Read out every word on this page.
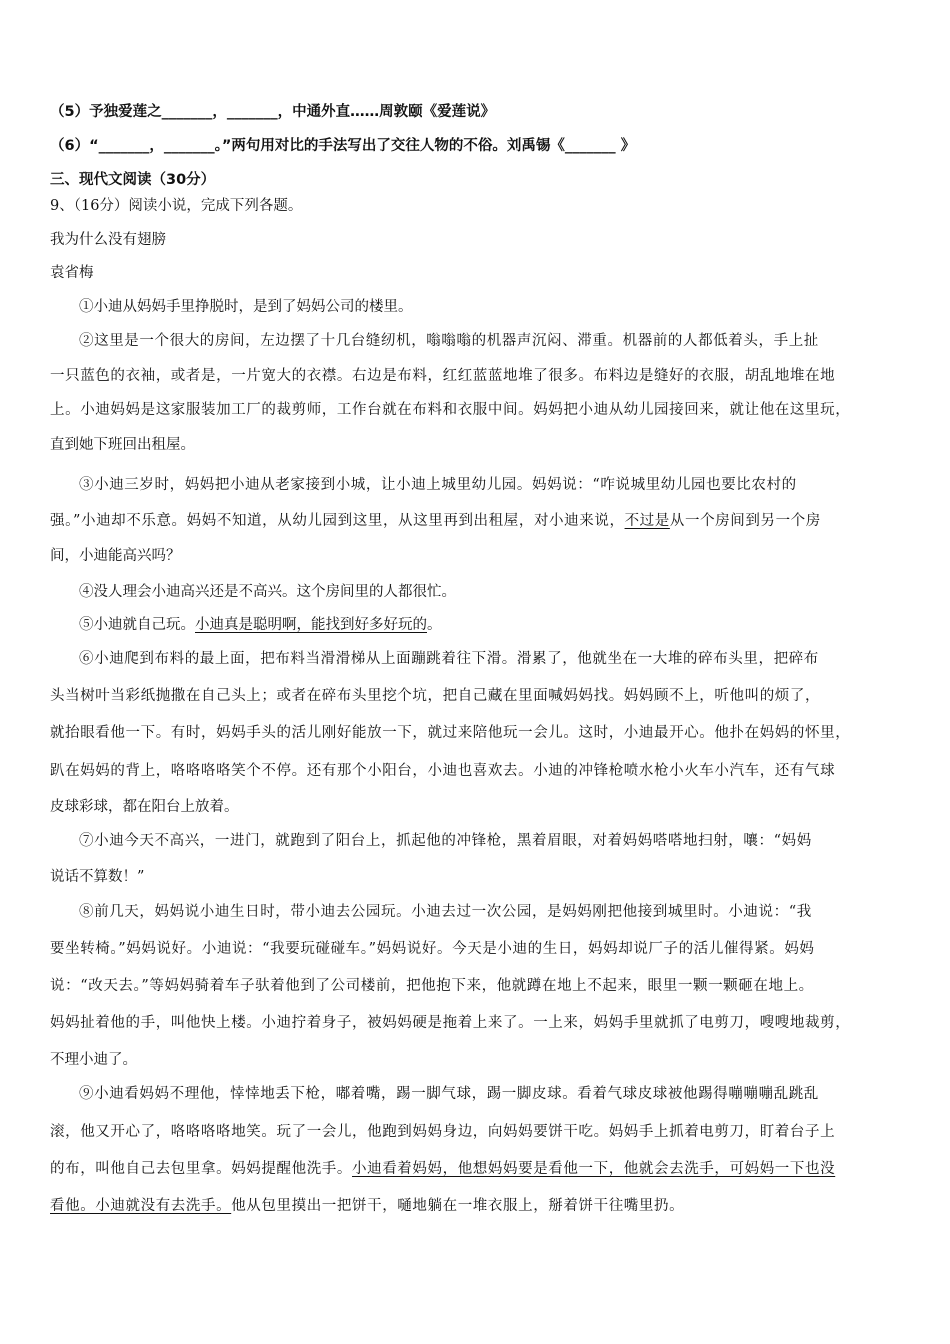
（5）予独爱莲之_______，_______，中通外直……周敦颐《爱莲说》
（6）“_______，_______。”两句用对比的手法写出了交往人物的不俗。刘禹锡《_______ 》
三、现代文阅读（30分）
9、（16分）阅读小说，完成下列各题。
我为什么没有翅膀
袁省梅
①小迪从妈妈手里挣脱时，是到了妈妈公司的楼里。
②这里是一个很大的房间，左边摆了十几台缝纫机，嗡嗡嗡的机器声沉闷、滞重。机器前的人都低着头，手上扯
一只蓝色的衣袖，或者是，一片宽大的衣襟。右边是布料，红红蓝蓝地堆了很多。布料边是缝好的衣服，胡乱地堆在地
上。小迪妈妈是这家服装加工厂的裁剪师，工作台就在布料和衣服中间。妈妈把小迪从幼儿园接回来，就让他在这里玩，
直到她下班回出租屋。
③小迪三岁时，妈妈把小迪从老家接到小城，让小迪上城里幼儿园。妈妈说：“咋说城里幼儿园也要比农村的
强。”小迪却不乐意。妈妈不知道，从幼儿园到这里，从这里再到出租屋，对小迪来说，不过是从一个房间到另一个房
间，小迪能高兴吗？
④没人理会小迪高兴还是不高兴。这个房间里的人都很忙。
⑤小迪就自己玩。小迪真是聪明啊，能找到好多好玩的。
⑥小迪爬到布料的最上面，把布料当滑滑梯从上面蹦跳着往下滑。滑累了，他就坐在一大堆的碎布头里，把碎布
头当树叶当彩纸抛撒在自己头上；或者在碎布头里挖个坑，把自己藏在里面喊妈妈找。妈妈顾不上，听他叫的烦了，
就抬眼看他一下。有时，妈妈手头的活儿刚好能放一下，就过来陪他玩一会儿。这时，小迪最开心。他扑在妈妈的怀里，
趴在妈妈的背上，咯咯咯咯笑个不停。还有那个小阳台，小迪也喜欢去。小迪的冲锋枪喷水枪小火车小汽车，还有气球
皮球彩球，都在阳台上放着。
⑦小迪今天不高兴，一进门，就跑到了阳台上，抓起他的冲锋枪，黑着眉眼，对着妈妈嗒嗒地扫射，嚷：“妈妈
说话不算数！”
⑧前几天，妈妈说小迪生日时，带小迪去公园玩。小迪去过一次公园，是妈妈刚把他接到城里时。小迪说：“我
要坐转椅。”妈妈说好。小迪说：“我要玩碰碰车。”妈妈说好。今天是小迪的生日，妈妈却说厂子的活儿催得紧。妈妈
说：“改天去。”等妈妈骑着车子驮着他到了公司楼前，把他抱下来，他就蹲在地上不起来，眼里一颗一颗砸在地上。
妈妈扯着他的手，叫他快上楼。小迪拧着身子，被妈妈硬是拖着上来了。一上来，妈妈手里就抓了电剪刀，嗖嗖地裁剪，
不理小迪了。
⑨小迪看妈妈不理他，悻悻地丢下枪，嘟着嘴，踢一脚气球，踢一脚皮球。看着气球皮球被他踢得嘣嘣嘣乱跳乱
滚，他又开心了，咯咯咯咯地笑。玩了一会儿，他跑到妈妈身边，向妈妈要饼干吃。妈妈手上抓着电剪刀，盯着台子上
的布，叫他自己去包里拿。妈妈提醒他洗手。小迪看着妈妈，他想妈妈要是看他一下，他就会去洗手，可妈妈一下也没
看他。小迪就没有去洗手。他从包里摸出一把饼干，嗵地躺在一堆衣服上，掰着饼干往嘴里扔。
